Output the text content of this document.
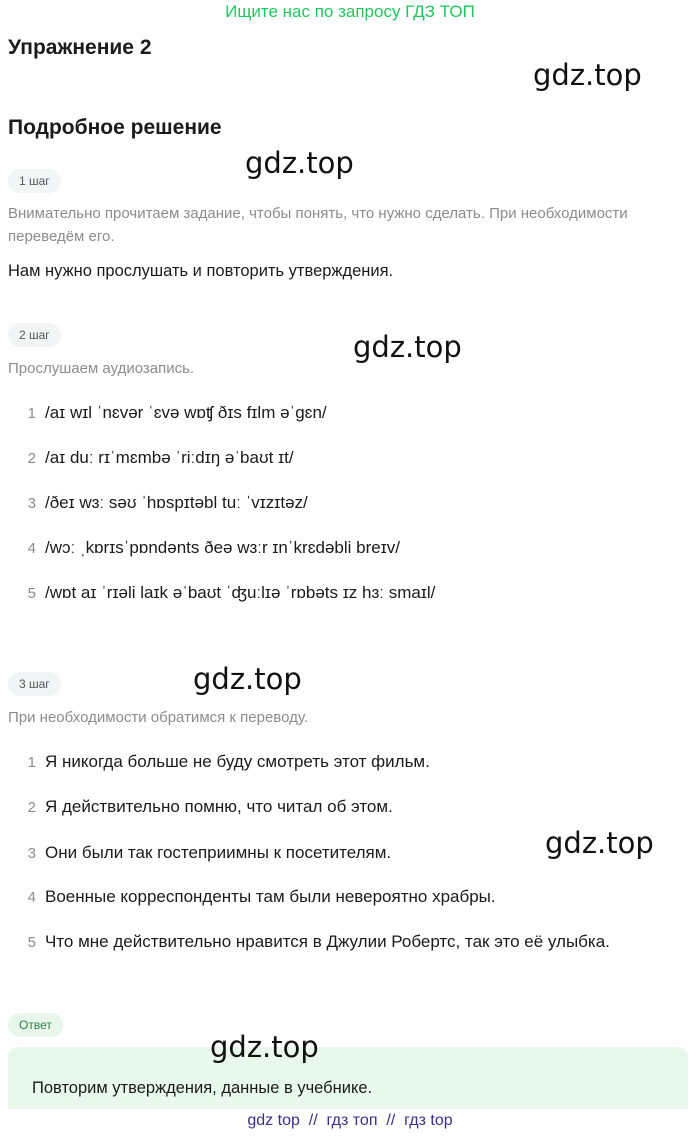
Ищите нас по запросу ГДЗ ТОП
Упражнение 2
gdz.top
Подробное решение
gdz.top
1 шаг
Внимательно прочитаем задание, чтобы понять, что нужно сделать. При необходимости переведём его.
Нам нужно прослушать и повторить утверждения.
2 шаг	gdz.top
Прослушаем аудиозапись.
1 /aɪ wɪl ˈnɛvər ˈɛvə wɒʧ ðɪs fɪlm əˈgɛn/
2 /aɪ duː rɪˈmɛmbə ˈriːdɪŋ əˈbaʊt ɪt/
3 /ðeɪ wɜː səʊ ˈhɒspɪtəbl tuː ˈvɪzɪtəz/
4 /wɔː ˌkɒrɪsˈpɒndənts ðeə wɜːr ɪnˈkrɛdəbli breɪv/
5 /wɒt aɪ ˈrɪəli laɪk əˈbaʊt ˈʤuːlɪə ˈrɒbəts ɪz hɜː smaɪl/
gdz.top
3 шаг
При необходимости обратимся к переводу.
1 Я никогда больше не буду смотреть этот фильм.
2 Я действительно помню, что читал об этом.
gdz.top
3 Они были так гостеприимны к посетителям.
4 Военные корреспонденты там были невероятно храбры.
5 Что мне действительно нравится в Джулии Робертс, так это её улыбка.
Ответ
gdz.top
Повторим утверждения, данные в учебнике.
gdz top  //  гдз топ  //  гдз top
